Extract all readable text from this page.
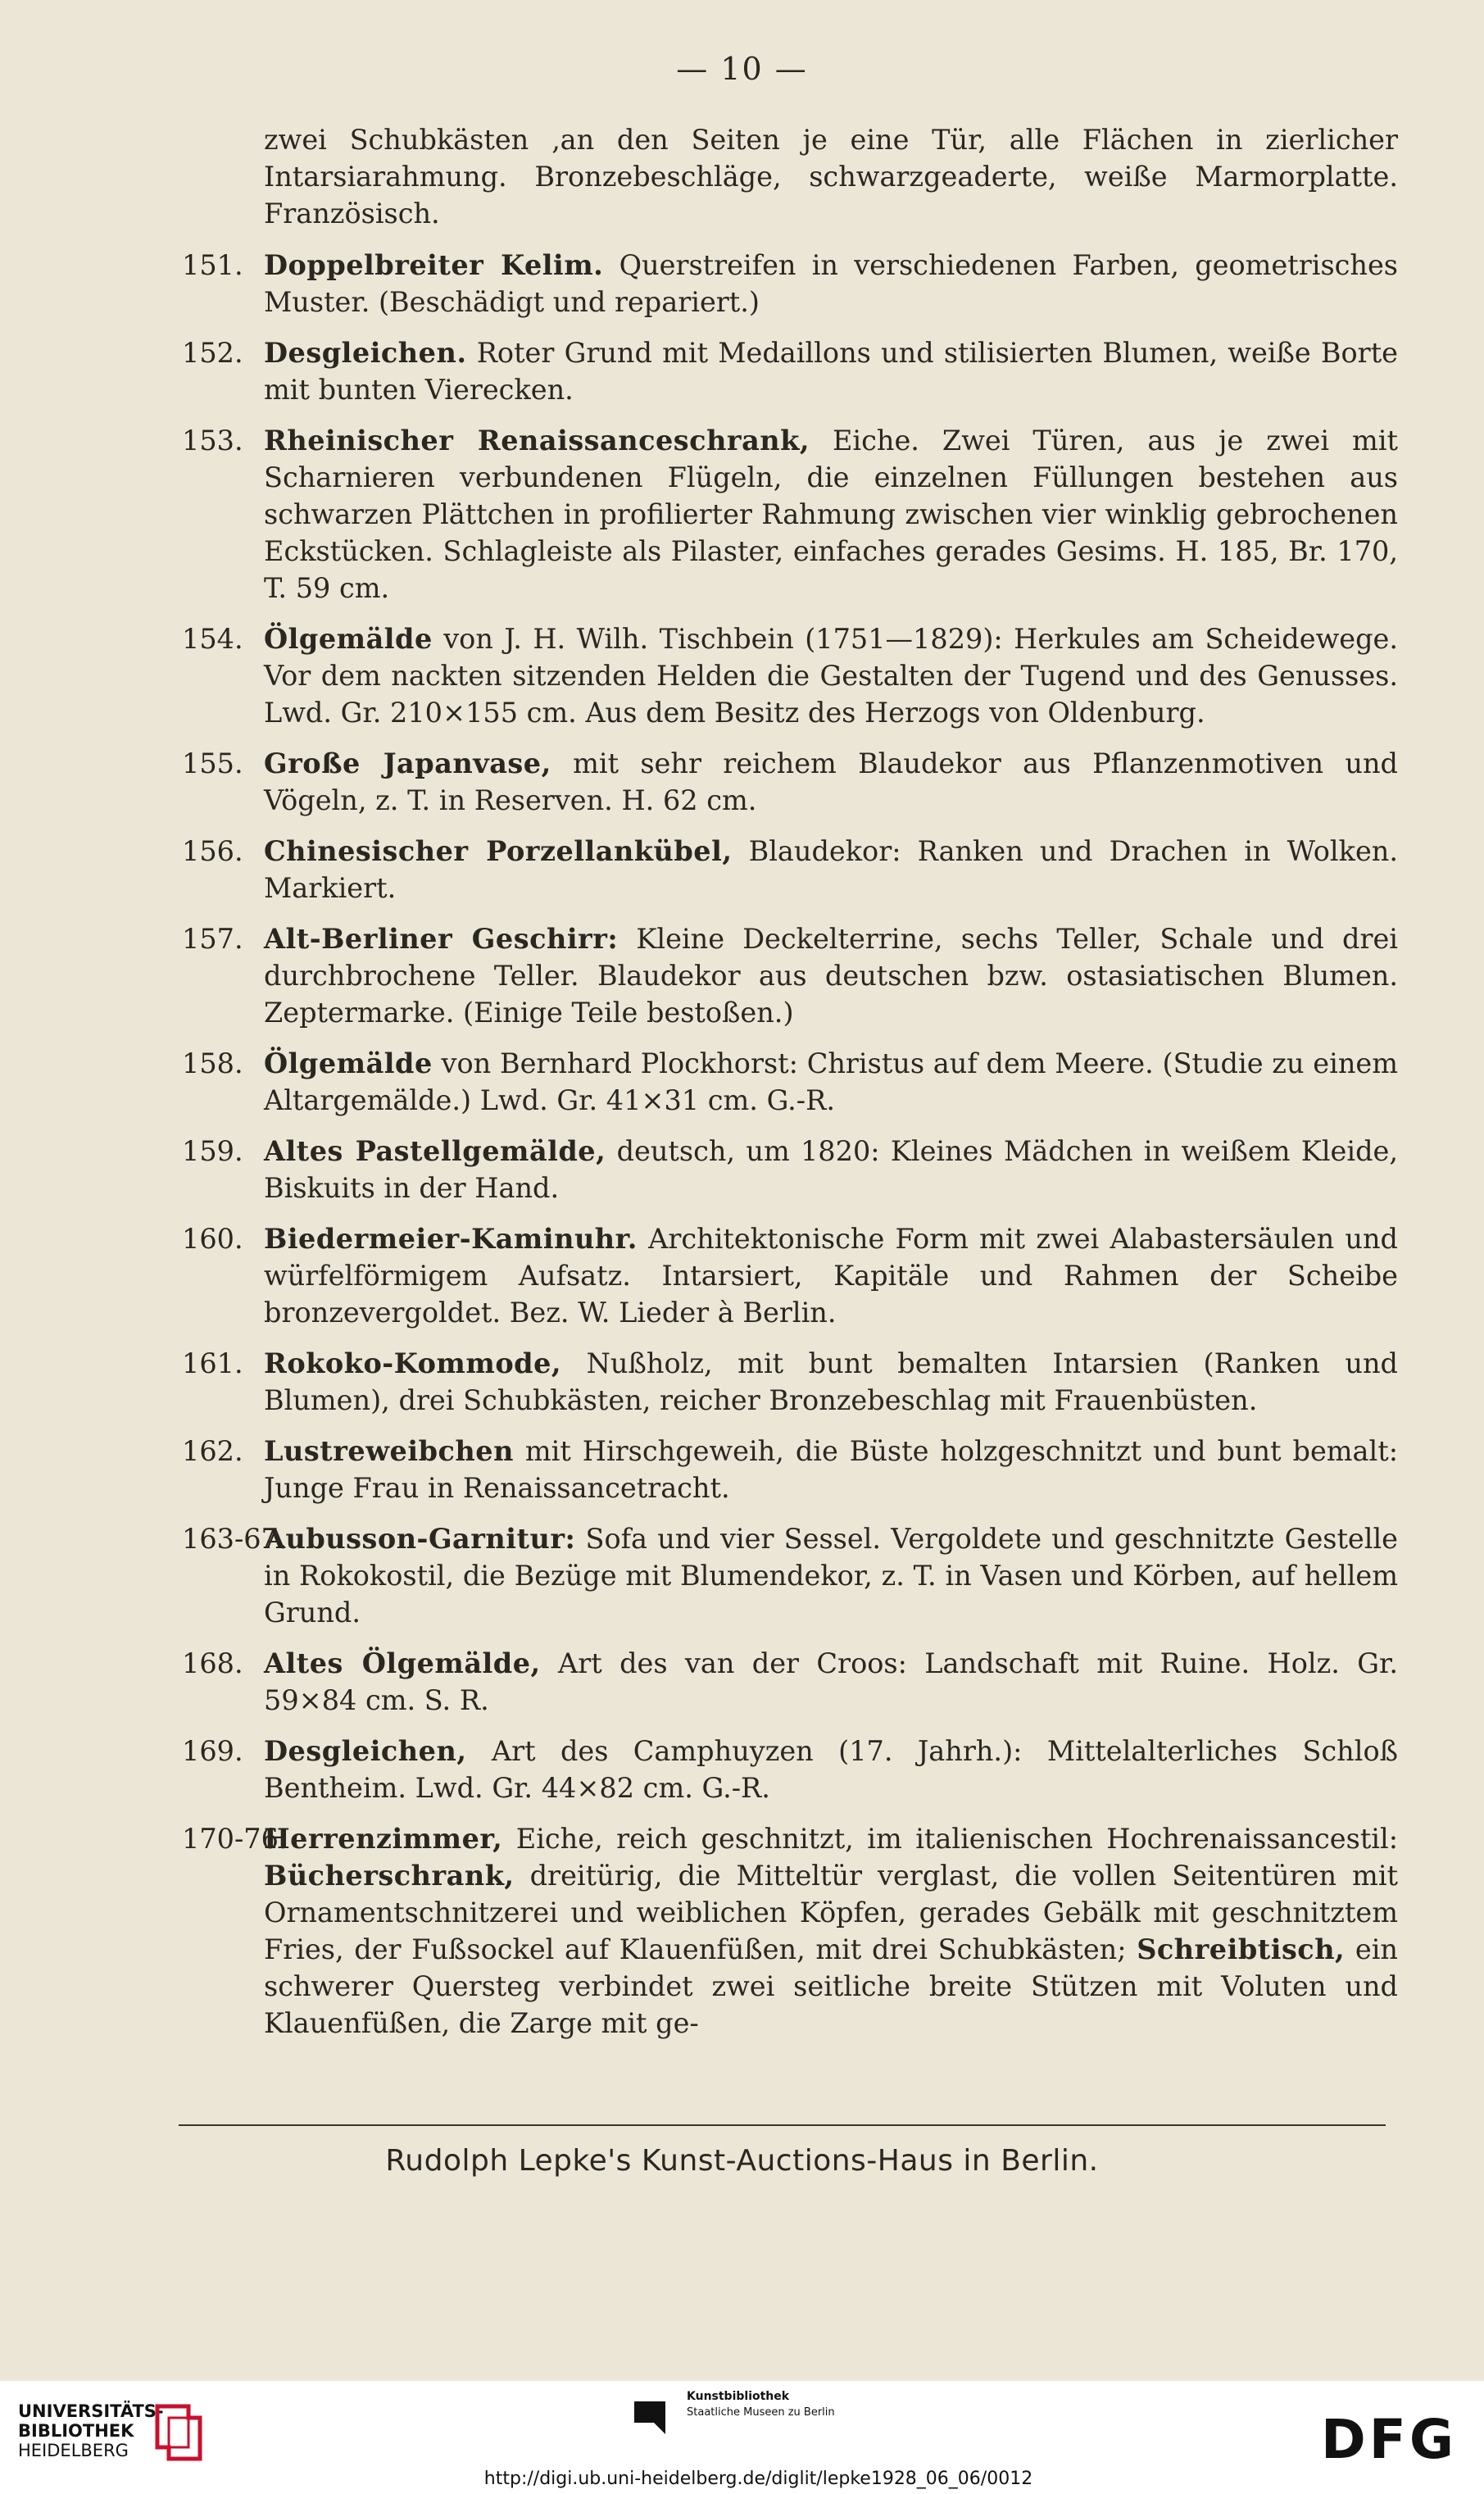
— 10 —
zwei Schubkästen ‚an den Seiten je eine Tür, alle Flächen in zierlicher Intarsiarahmung. Bronzebeschläge, schwarzgeaderte, weiße Marmorplatte. Französisch.
151. Doppelbreiter Kelim. Querstreifen in verschiedenen Farben, geometrisches Muster. (Beschädigt und repariert.)
152. Desgleichen. Roter Grund mit Medaillons und stilisierten Blumen, weiße Borte mit bunten Vierecken.
153. Rheinischer Renaissanceschrank, Eiche. Zwei Türen, aus je zwei mit Scharnieren verbundenen Flügeln, die einzelnen Füllungen bestehen aus schwarzen Plättchen in profilierter Rahmung zwischen vier winklig gebrochenen Eckstücken. Schlagleiste als Pilaster, einfaches gerades Gesims. H. 185, Br. 170, T. 59 cm.
154. Ölgemälde von J. H. Wilh. Tischbein (1751—1829): Herkules am Scheidewege. Vor dem nackten sitzenden Helden die Gestalten der Tugend und des Genusses. Lwd. Gr. 210×155 cm. Aus dem Besitz des Herzogs von Oldenburg.
155. Große Japanvase, mit sehr reichem Blaudekor aus Pflanzenmotiven und Vögeln, z. T. in Reserven. H. 62 cm.
156. Chinesischer Porzellankübel, Blaudekor: Ranken und Drachen in Wolken. Markiert.
157. Alt-Berliner Geschirr: Kleine Deckelterrine, sechs Teller, Schale und drei durchbrochene Teller. Blaudekor aus deutschen bzw. ostasiatischen Blumen. Zeptermarke. (Einige Teile bestoßen.)
158. Ölgemälde von Bernhard Plockhorst: Christus auf dem Meere. (Studie zu einem Altargemälde.) Lwd. Gr. 41×31 cm. G.-R.
159. Altes Pastellgemälde, deutsch, um 1820: Kleines Mädchen in weißem Kleide, Biskuits in der Hand.
160. Biedermeier-Kaminuhr. Architektonische Form mit zwei Alabastersäulen und würfelförmigem Aufsatz. Intarsiert, Kapitäle und Rahmen der Scheibe bronzevergoldet. Bez. W. Lieder à Berlin.
161. Rokoko-Kommode, Nußholz, mit bunt bemalten Intarsien (Ranken und Blumen), drei Schubkästen, reicher Bronzebeschlag mit Frauenbüsten.
162. Lustreweibchen mit Hirschgeweih, die Büste holzgeschnitzt und bunt bemalt: Junge Frau in Renaissancetracht.
163-67.
Aubusson-Garnitur: Sofa und vier Sessel. Vergoldete und geschnitzte Gestelle in Rokokostil, die Bezüge mit Blumendekor, z. T. in Vasen und Körben, auf hellem Grund.
168. Altes Ölgemälde, Art des van der Croos: Landschaft mit Ruine. Holz. Gr. 59×84 cm. S. R.
169. Desgleichen, Art des Camphuyzen (17. Jahrh.): Mittelalterliches Schloß Bentheim. Lwd. Gr. 44×82 cm. G.-R.
170-76.
Herrenzimmer, Eiche, reich geschnitzt, im italienischen Hochrenaissancestil: Bücherschrank, dreitürig, die Mitteltür verglast, die vollen Seitentüren mit Ornamentschnitzerei und weiblichen Köpfen, gerades Gebälk mit geschnitztem Fries, der Fußsockel auf Klauenfüßen, mit drei Schubkästen; Schreibtisch, ein schwerer Quersteg verbindet zwei seitliche breite Stützen mit Voluten und Klauenfüßen, die Zarge mit ge-
Rudolph Lepke's Kunst-Auctions-Haus in Berlin.
UNIVERSITÄTS-
BIBLIOTHEK
HEIDELBERG
Kunstbibliothek
Staatliche Museen zu Berlin	DFG
http://digi.ub.uni-heidelberg.de/diglit/lepke1928_06_06/0012
